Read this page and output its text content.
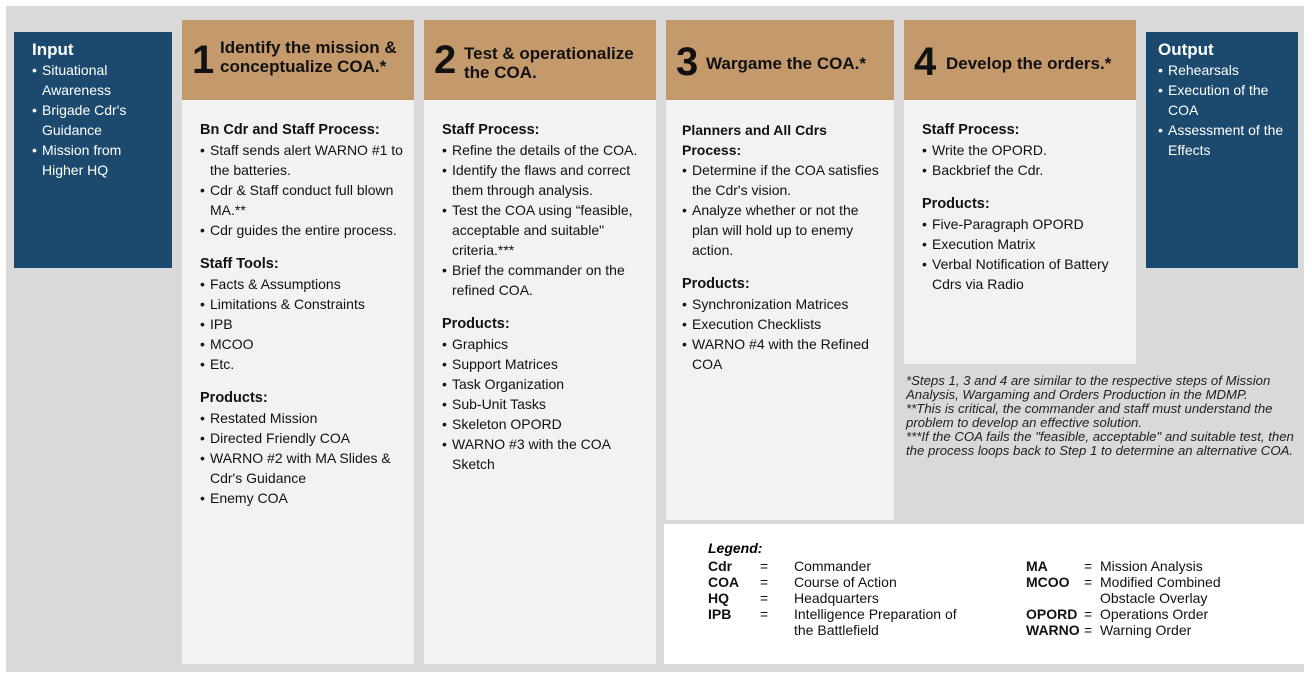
Input
• Situational Awareness
• Brigade Cdr's Guidance
• Mission from Higher HQ
Output
• Rehearsals
• Execution of the COA
• Assessment of the Effects
1 Identify the mission & conceptualize COA.*
Bn Cdr and Staff Process:
• Staff sends alert WARNO #1 to the batteries.
• Cdr & Staff conduct full blown MA.**
• Cdr guides the entire process.
Staff Tools:
• Facts & Assumptions
• Limitations & Constraints
• IPB
• MCOO
• Etc.
Products:
• Restated Mission
• Directed Friendly COA
• WARNO #2 with MA Slides & Cdr's Guidance
• Enemy COA
2 Test & operationalize the COA.
Staff Process:
• Refine the details of the COA.
• Identify the flaws and correct them through analysis.
• Test the COA using “feasible, acceptable and suitable" criteria.***
• Brief the commander on the refined COA.
Products:
• Graphics
• Support Matrices
• Task Organization
• Sub-Unit Tasks
• Skeleton OPORD
• WARNO #3 with the COA Sketch
3 Wargame the COA.*
Planners and All Cdrs Process:
• Determine if the COA satisfies the Cdr's vision.
• Analyze whether or not the plan will hold up to enemy action.
Products:
• Synchronization Matrices
• Execution Checklists
• WARNO #4 with the Refined COA
4 Develop the orders.*
Staff Process:
• Write the OPORD.
• Backbrief the Cdr.
Products:
• Five-Paragraph OPORD
• Execution Matrix
• Verbal Notification of Battery Cdrs via Radio

*Steps 1, 3 and 4 are similar to the respective steps of Mission Analysis, Wargaming and Orders Production in the MDMP.

**This is critical, the commander and staff must understand the problem to develop an effective solution.

***If the COA fails the "feasible, acceptable" and suitable test, then the process loops back to Step 1 to determine an alternative COA.

Legend:
Cdr = Commander
COA = Course of Action
HQ = Headquarters
IPB = Intelligence Preparation of the Battlefield
MA	= Mission Analysis
MCOO = Modified Combined Obstacle Overlay
OPORD = Operations Order
WARNO = Warning Order
